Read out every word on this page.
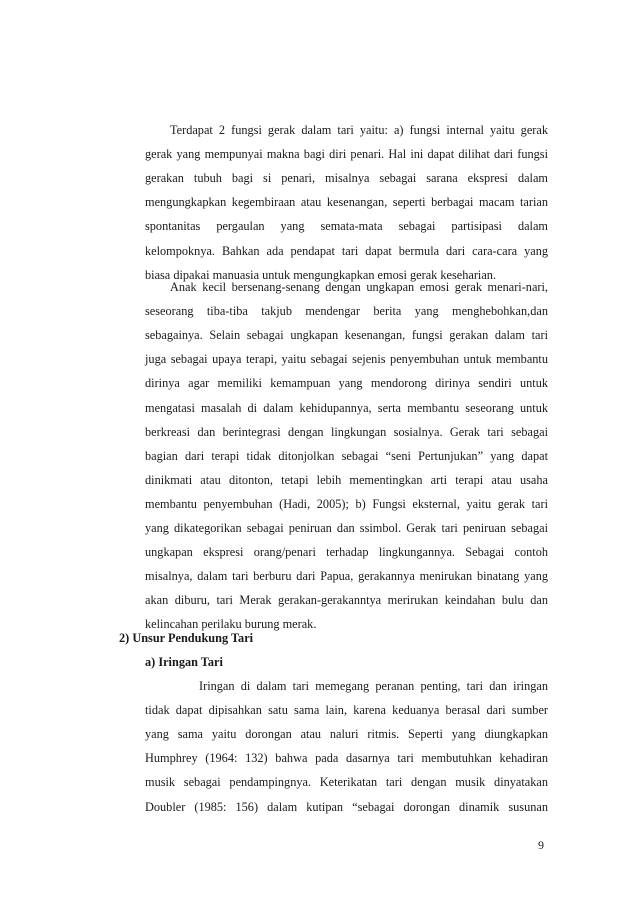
Terdapat 2 fungsi gerak dalam tari yaitu: a) fungsi internal yaitu gerak
gerak yang mempunyai makna bagi diri penari. Hal ini dapat dilihat dari fungsi
gerakan tubuh bagi si penari, misalnya sebagai sarana ekspresi dalam
mengungkapkan kegembiraan atau kesenangan, seperti berbagai macam tarian
spontanitas pergaulan yang semata-mata sebagai partisipasi dalam
kelompoknya. Bahkan ada pendapat tari dapat bermula dari cara-cara yang
biasa dipakai manuasia untuk mengungkapkan emosi gerak keseharian.
Anak kecil bersenang-senang dengan ungkapan emosi gerak menari-nari,
seseorang tiba-tiba takjub mendengar berita yang menghebohkan,dan
sebagainya. Selain sebagai ungkapan kesenangan, fungsi gerakan dalam tari
juga sebagai upaya terapi, yaitu sebagai sejenis penyembuhan untuk membantu
dirinya agar memiliki kemampuan yang mendorong dirinya sendiri untuk
mengatasi masalah di dalam kehidupannya, serta membantu seseorang untuk
berkreasi dan berintegrasi dengan lingkungan sosialnya. Gerak tari sebagai
bagian dari terapi tidak ditonjolkan sebagai “seni Pertunjukan” yang dapat
dinikmati atau ditonton, tetapi lebih mementingkan arti terapi atau usaha
membantu penyembuhan (Hadi, 2005); b) Fungsi eksternal, yaitu gerak tari
yang dikategorikan sebagai peniruan dan ssimbol. Gerak tari peniruan sebagai
ungkapan ekspresi orang/penari terhadap lingkungannya. Sebagai contoh
misalnya, dalam tari berburu dari Papua, gerakannya menirukan binatang yang
akan diburu, tari Merak gerakan-gerakanntya merirukan keindahan bulu dan
kelincahan perilaku burung merak.
2) Unsur Pendukung Tari
a) Iringan Tari
Iringan di dalam tari memegang peranan penting, tari dan iringan
tidak dapat dipisahkan satu sama lain, karena keduanya berasal dari sumber
yang sama yaitu dorongan atau naluri ritmis. Seperti yang diungkapkan
Humphrey (1964: 132) bahwa pada dasarnya tari membutuhkan kehadiran
musik sebagai pendampingnya. Keterikatan tari dengan musik dinyatakan
Doubler (1985: 156) dalam kutipan “sebagai dorongan dinamik susunan
9
